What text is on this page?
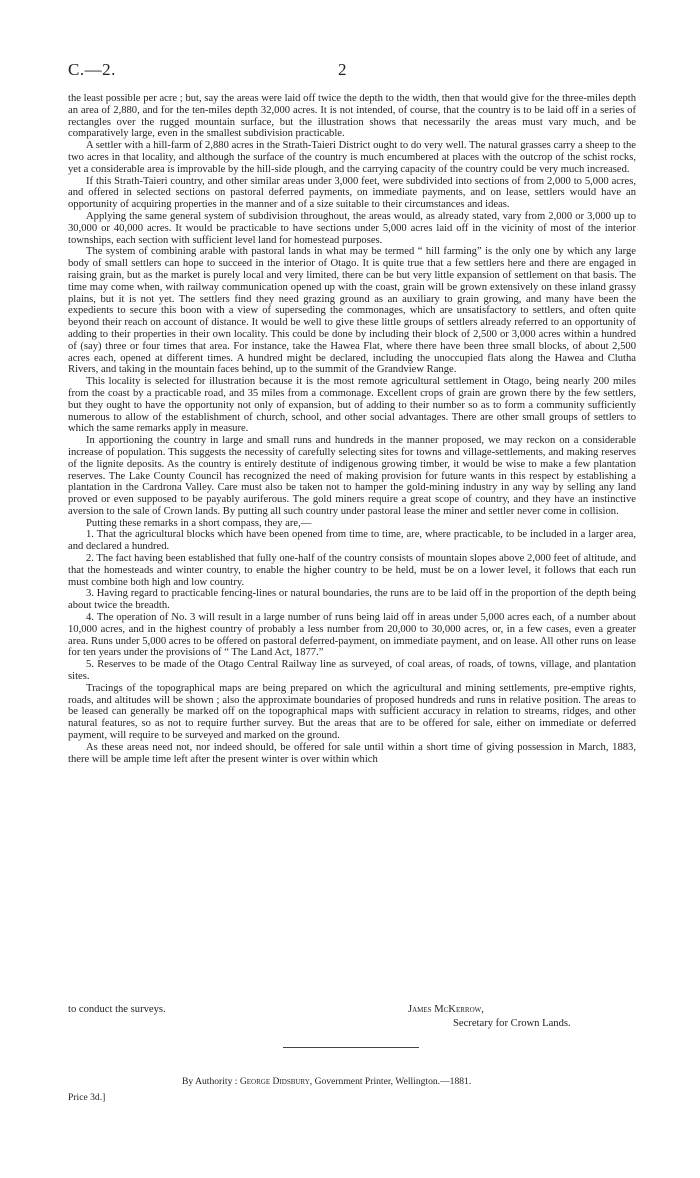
C.—2.	2

the least possible per acre ; but, say the areas were laid off twice the depth to the width, then that would give for the three-miles depth an area of 2,880, and for the ten-miles depth 32,000 acres. It is not intended, of course, that the country is to be laid off in a series of rectangles over the rugged mountain surface, but the illustration shows that necessarily the areas must vary much, and be comparatively large, even in the smallest subdivision practicable.

A settler with a hill-farm of 2,880 acres in the Strath-Taieri District ought to do very well. The natural grasses carry a sheep to the two acres in that locality, and although the surface of the country is much encumbered at places with the outcrop of the schist rocks, yet a considerable area is improvable by the hill-side plough, and the carrying capacity of the country could be very much increased.

If this Strath-Taieri country, and other similar areas under 3,000 feet, were subdivided into sections of from 2,000 to 5,000 acres, and offered in selected sections on pastoral deferred payments, on immediate payments, and on lease, settlers would have an opportunity of acquiring properties in the manner and of a size suitable to their circumstances and ideas.

Applying the same general system of subdivision throughout, the areas would, as already stated, vary from 2,000 or 3,000 up to 30,000 or 40,000 acres. It would be practicable to have sections under 5,000 acres laid off in the vicinity of most of the interior townships, each section with sufficient level land for homestead purposes.

The system of combining arable with pastoral lands in what may be termed “ hill farming” is the only one by which any large body of small settlers can hope to succeed in the interior of Otago. It is quite true that a few settlers here and there are engaged in raising grain, but as the market is purely local and very limited, there can be but very little expansion of settlement on that basis. The time may come when, with railway communication opened up with the coast, grain will be grown extensively on these inland grassy plains, but it is not yet. The settlers find they need grazing ground as an auxiliary to grain growing, and many have been the expedients to secure this boon with a view of superseding the commonages, which are unsatisfactory to settlers, and often quite beyond their reach on account of distance. It would be well to give these little groups of settlers already referred to an opportunity of adding to their properties in their own locality. This could be done by including their block of 2,500 or 3,000 acres within a hundred of (say) three or four times that area. For instance, take the Hawea Flat, where there have been three small blocks, of about 2,500 acres each, opened at different times. A hundred might be declared, including the unoccupied flats along the Hawea and Clutha Rivers, and taking in the mountain faces behind, up to the summit of the Grandview Range.

This locality is selected for illustration because it is the most remote agricultural settlement in Otago, being nearly 200 miles from the coast by a practicable road, and 35 miles from a commonage. Excellent crops of grain are grown there by the few settlers, but they ought to have the opportunity not only of expansion, but of adding to their number so as to form a community sufficiently numerous to allow of the establishment of church, school, and other social advantages. There are other small groups of settlers to which the same remarks apply in measure.

In apportioning the country in large and small runs and hundreds in the manner proposed, we may reckon on a considerable increase of population. This suggests the necessity of carefully selecting sites for towns and village-settlements, and making reserves of the lignite deposits. As the country is entirely destitute of indigenous growing timber, it would be wise to make a few plantation reserves. The Lake County Council has recognized the need of making provision for future wants in this respect by establishing a plantation in the Cardrona Valley. Care must also be taken not to hamper the gold-mining industry in any way by selling any land proved or even supposed to be payably auriferous. The gold miners require a great scope of country, and they have an instinctive aversion to the sale of Crown lands. By putting all such country under pastoral lease the miner and settler never come in collision.

Putting these remarks in a short compass, they are,—

1. That the agricultural blocks which have been opened from time to time, are, where practicable, to be included in a larger area, and declared a hundred.

2. The fact having been established that fully one-half of the country consists of mountain slopes above 2,000 feet of altitude, and that the homesteads and winter country, to enable the higher country to be held, must be on a lower level, it follows that each run must combine both high and low country.

3. Having regard to practicable fencing-lines or natural boundaries, the runs are to be laid off in the proportion of the depth being about twice the breadth.

4. The operation of No. 3 will result in a large number of runs being laid off in areas under 5,000 acres each, of a number about 10,000 acres, and in the highest country of probably a less number from 20,000 to 30,000 acres, or, in a few cases, even a greater area. Runs under 5,000 acres to be offered on pastoral deferred-payment, on immediate payment, and on lease. All other runs on lease for ten years under the provisions of “ The Land Act, 1877.”

5. Reserves to be made of the Otago Central Railway line as surveyed, of coal areas, of roads, of towns, village, and plantation sites.

Tracings of the topographical maps are being prepared on which the agricultural and mining settlements, pre-emptive rights, roads, and altitudes will be shown ; also the approximate boundaries of proposed hundreds and runs in relative position. The areas to be leased can generally be marked off on the topographical maps with sufficient accuracy in relation to streams, ridges, and other natural features, so as not to require further survey. But the areas that are to be offered for sale, either on immediate or deferred payment, will require to be surveyed and marked on the ground.

As these areas need not, nor indeed should, be offered for sale until within a short time of giving possession in March, 1883, there will be ample time left after the present winter is over within which

to conduct the surveys.	James McKerrow,
Secretary for Crown Lands.
By Authority : George Didsbury, Government Printer, Wellington.—1881.
Price 3d.]
